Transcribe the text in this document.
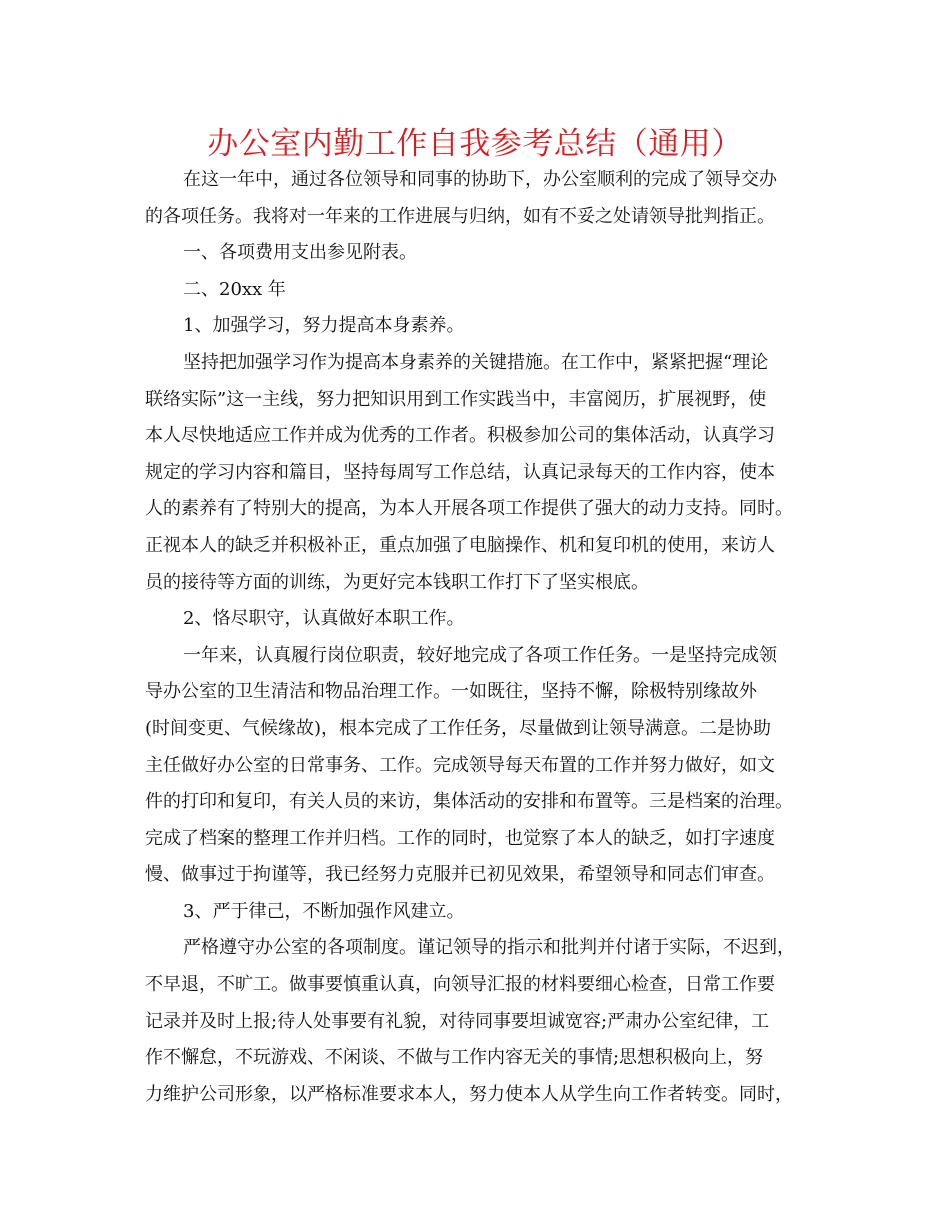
办公室内勤工作自我参考总结（通用）
在这一年中，通过各位领导和同事的协助下，办公室顺利的完成了领导交办
的各项任务。我将对一年来的工作进展与归纳，如有不妥之处请领导批判指正。
一、各项费用支出参见附表。
二、20xx 年
1、加强学习，努力提高本身素养。
坚持把加强学习作为提高本身素养的关键措施。在工作中，紧紧把握“理论
联络实际”这一主线，努力把知识用到工作实践当中，丰富阅历，扩展视野，使
本人尽快地适应工作并成为优秀的工作者。积极参加公司的集体活动，认真学习
规定的学习内容和篇目，坚持每周写工作总结，认真记录每天的工作内容，使本
人的素养有了特别大的提高，为本人开展各项工作提供了强大的动力支持。同时。
正视本人的缺乏并积极补正，重点加强了电脑操作、机和复印机的使用，来访人
员的接待等方面的训练，为更好完本钱职工作打下了坚实根底。
2、恪尽职守，认真做好本职工作。
一年来，认真履行岗位职责，较好地完成了各项工作任务。一是坚持完成领
导办公室的卫生清洁和物品治理工作。一如既往，坚持不懈，除极特别缘故外
(时间变更、气候缘故)，根本完成了工作任务，尽量做到让领导满意。二是协助
主任做好办公室的日常事务、工作。完成领导每天布置的工作并努力做好，如文
件的打印和复印，有关人员的来访，集体活动的安排和布置等。三是档案的治理。
完成了档案的整理工作并归档。工作的同时，也觉察了本人的缺乏，如打字速度
慢、做事过于拘谨等，我已经努力克服并已初见效果，希望领导和同志们审查。
3、严于律己，不断加强作风建立。
严格遵守办公室的各项制度。谨记领导的指示和批判并付诸于实际，不迟到，
不早退，不旷工。做事要慎重认真，向领导汇报的材料要细心检查，日常工作要
记录并及时上报;待人处事要有礼貌，对待同事要坦诚宽容;严肃办公室纪律，工
作不懈怠，不玩游戏、不闲谈、不做与工作内容无关的事情;思想积极向上，努
力维护公司形象，以严格标准要求本人，努力使本人从学生向工作者转变。同时，
